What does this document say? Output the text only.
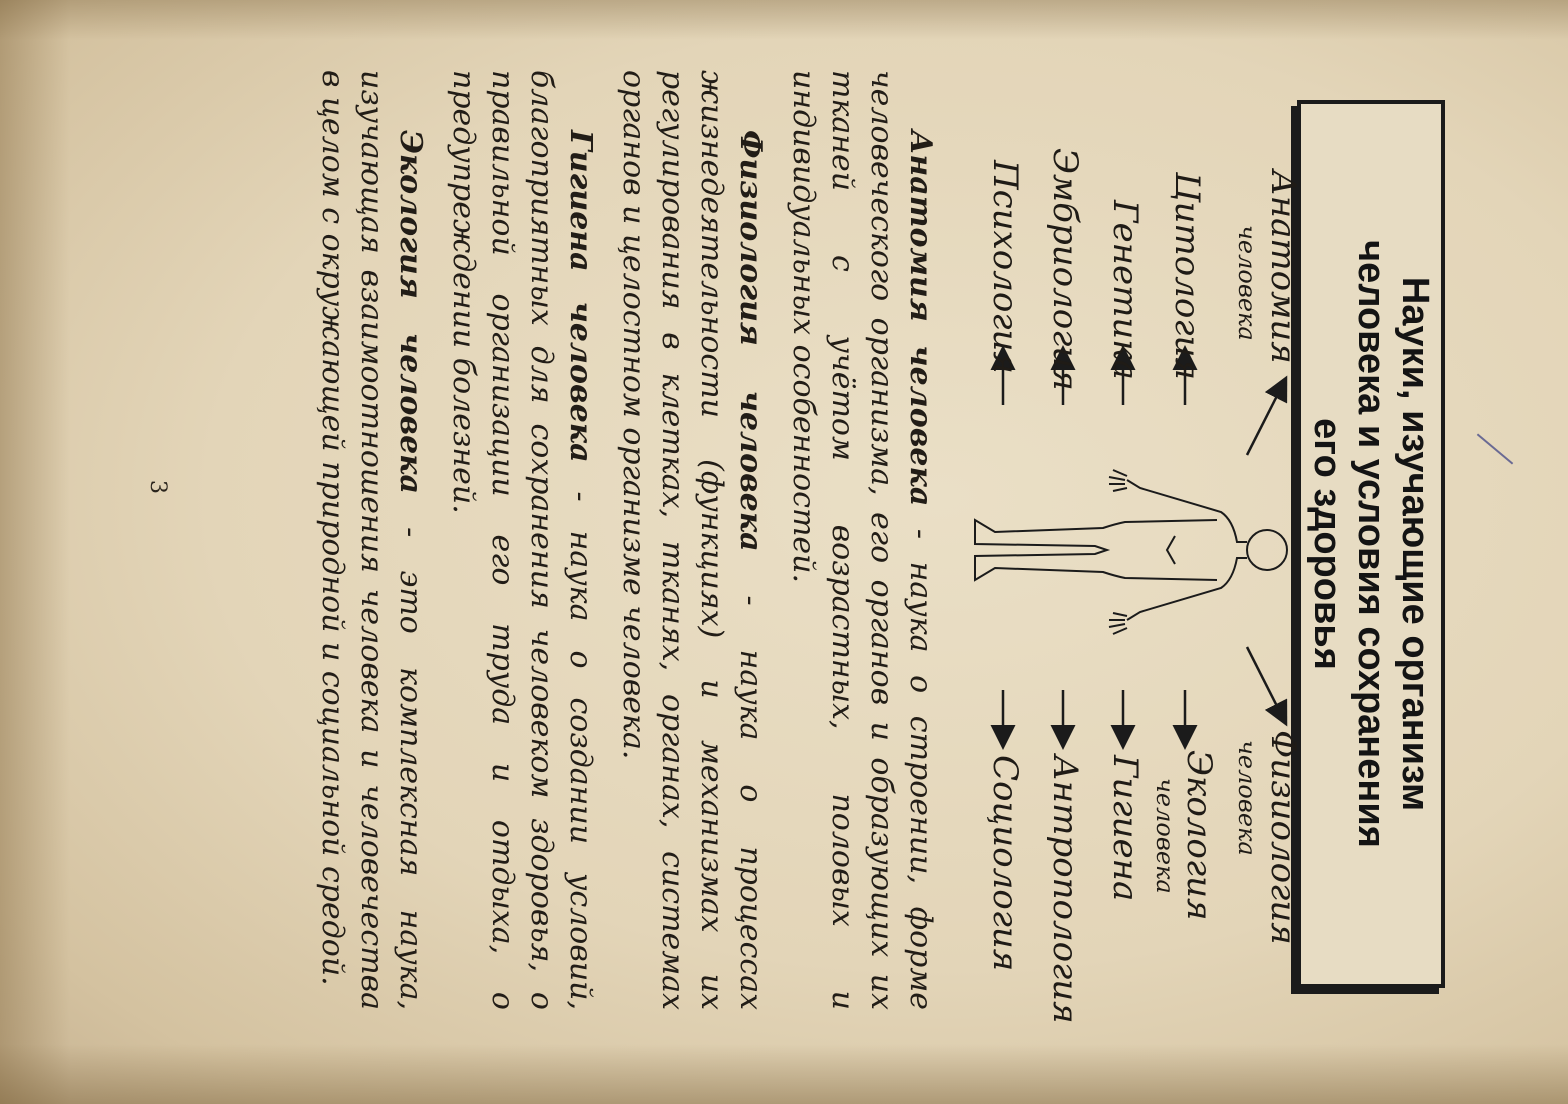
Науки, изучающие организм
человека и условия сохранения
его здоровья
Анатомия
человека
Цитология
Генетика
Эмбриология
Психология
Физиология
человека
Экология
человека
Гигиена
Антропология
Социология

Анатомия человека - наука о строении, форме человеческого организма, его органов и образующих их тканей с учётом возрастных, половых и индивидуальных особенностей.

Физиология человека - наука о процессах жизнедеятельности (функциях) и механизмах их регулирования в клетках, тканях, органах, системах органов и целостном организме человека.

Гигиена человека - наука о создании условий, благоприятных для сохранения человеком здоровья, о правильной организации его труда и отдыха, о предупреждении болезней.

Экология человека - это комплексная наука, изучающая взаимоотношения человека и человечества в целом с окружающей природной и социальной средой.

3
